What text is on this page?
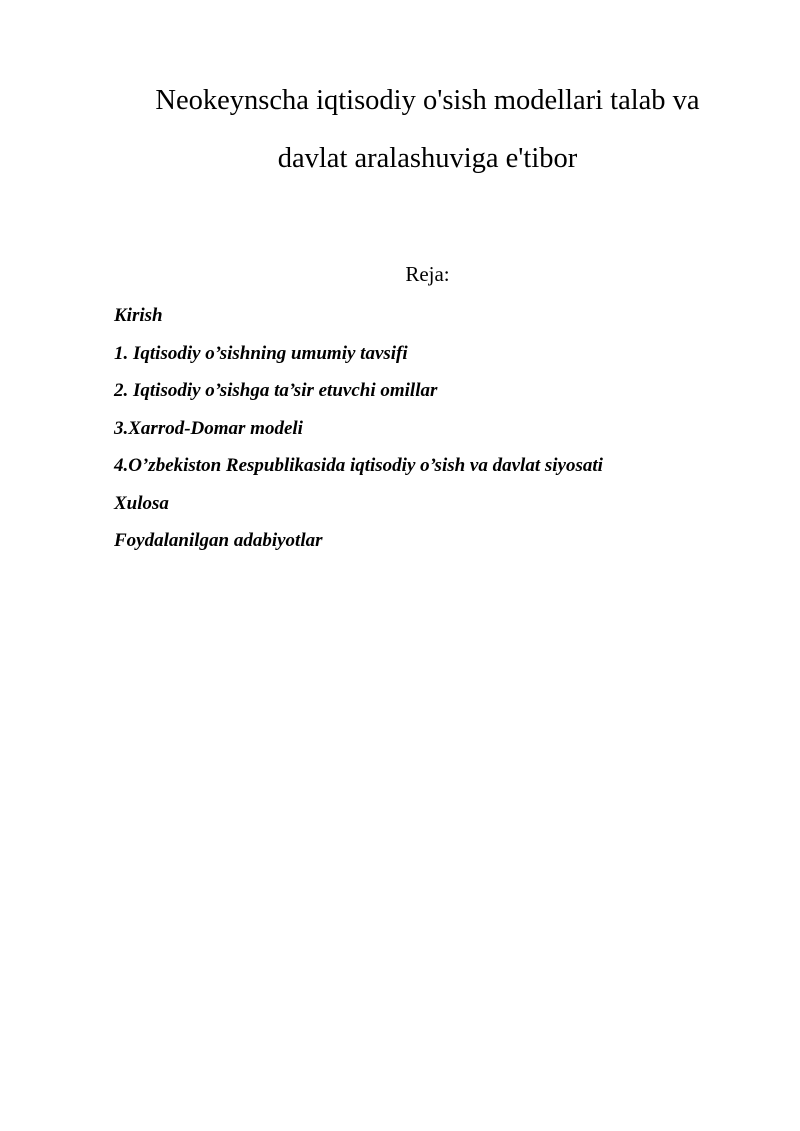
Neokeynscha iqtisodiy o'sish modellari talab va
davlat aralashuviga e'tibor
Reja:
Kirish
1. Iqtisodiy o’sishning umumiy tavsifi
2. Iqtisodiy o’sishga ta’sir etuvchi omillar
3.Xarrod-Domar modeli
4.O’zbekiston Respublikasida iqtisodiy o’sish va davlat siyosati
Xulosa
Foydalanilgan adabiyotlar
